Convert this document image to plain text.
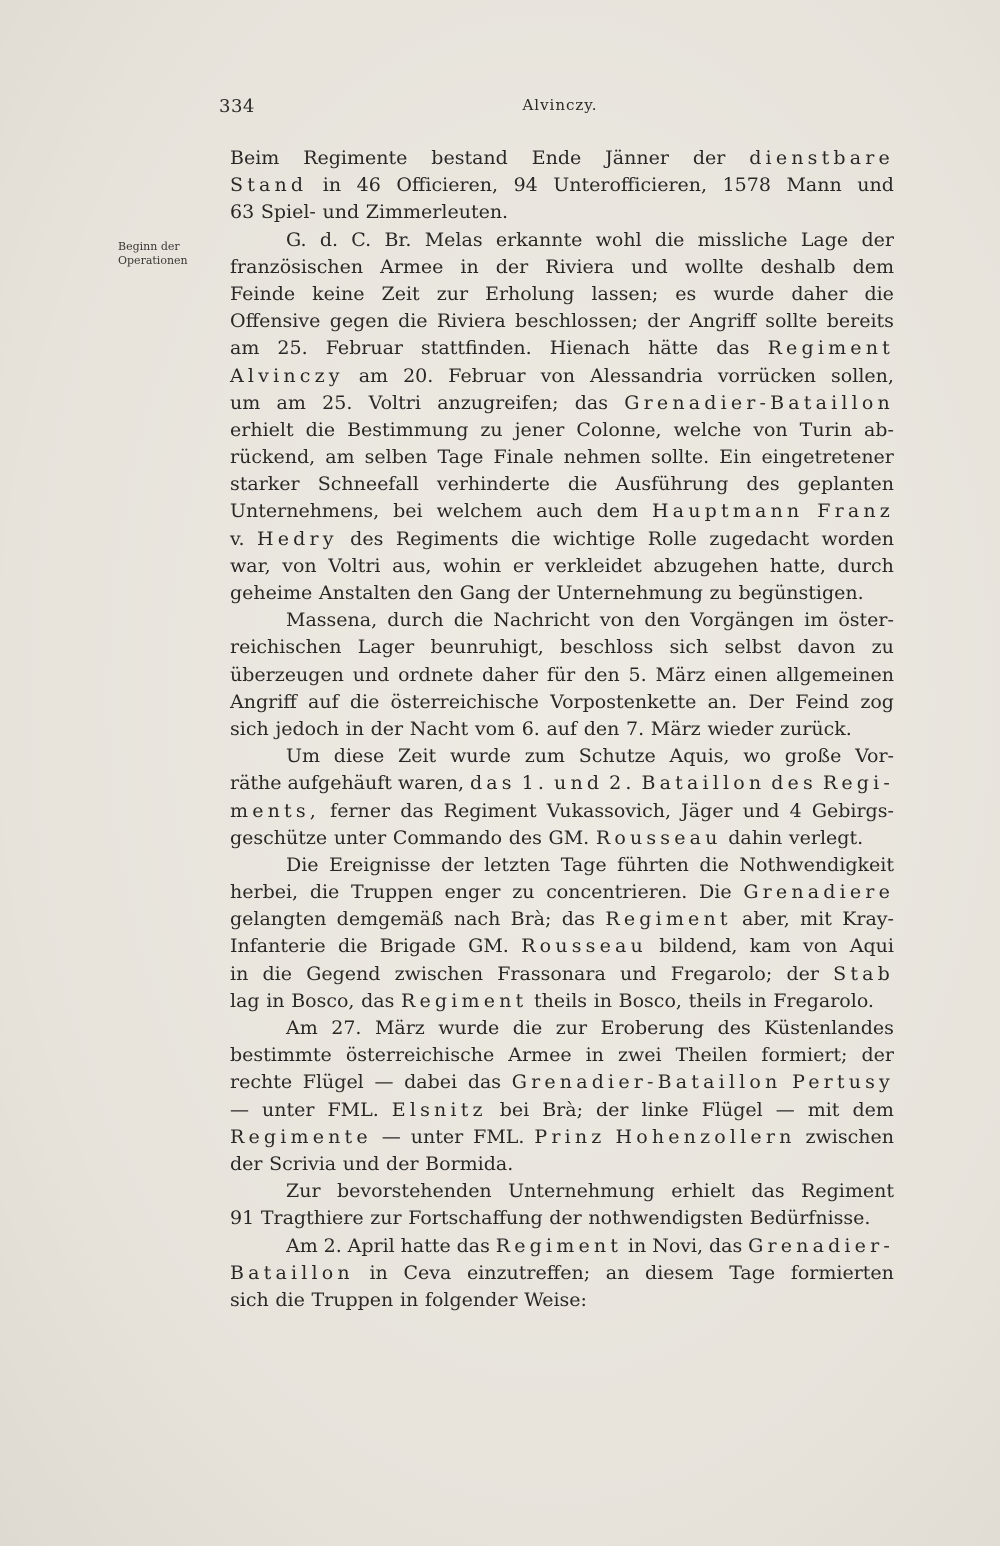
334	Alvinczy.
Beginn der
Operationen
Beim Regimente bestand Ende Jänner der dienstbare
Stand in 46 Officieren, 94 Unterofficieren, 1578 Mann und
63 Spiel- und Zimmerleuten.
G. d. C. Br. Melas erkannte wohl die missliche Lage der
französischen Armee in der Riviera und wollte deshalb dem
Feinde keine Zeit zur Erholung lassen; es wurde daher die
Offensive gegen die Riviera beschlossen; der Angriff sollte bereits
am 25. Februar stattfinden. Hienach hätte das Regiment
Alvinczy am 20. Februar von Alessandria vorrücken sollen,
um am 25. Voltri anzugreifen; das Grenadier-Bataillon
erhielt die Bestimmung zu jener Colonne, welche von Turin ab-
rückend, am selben Tage Finale nehmen sollte. Ein eingetretener
starker Schneefall verhinderte die Ausführung des geplanten
Unternehmens, bei welchem auch dem Hauptmann Franz
v. Hedry des Regiments die wichtige Rolle zugedacht worden
war, von Voltri aus, wohin er verkleidet abzugehen hatte, durch
geheime Anstalten den Gang der Unternehmung zu begünstigen.
Massena, durch die Nachricht von den Vorgängen im öster-
reichischen Lager beunruhigt, beschloss sich selbst davon zu
überzeugen und ordnete daher für den 5. März einen allgemeinen
Angriff auf die österreichische Vorpostenkette an. Der Feind zog
sich jedoch in der Nacht vom 6. auf den 7. März wieder zurück.
Um diese Zeit wurde zum Schutze Aquis, wo große Vor-
räthe aufgehäuft waren, das 1. und 2. Bataillon des Regi-
ments, ferner das Regiment Vukassovich, Jäger und 4 Gebirgs-
geschütze unter Commando des GM. Rousseau dahin verlegt.
Die Ereignisse der letzten Tage führten die Nothwendigkeit
herbei, die Truppen enger zu concentrieren. Die Grenadiere
gelangten demgemäß nach Brà; das Regiment aber, mit Kray-
Infanterie die Brigade GM. Rousseau bildend, kam von Aqui
in die Gegend zwischen Frassonara und Fregarolo; der Stab
lag in Bosco, das Regiment theils in Bosco, theils in Fregarolo.
Am 27. März wurde die zur Eroberung des Küstenlandes
bestimmte österreichische Armee in zwei Theilen formiert; der
rechte Flügel — dabei das Grenadier-Bataillon Pertusy
— unter FML. Elsnitz bei Brà; der linke Flügel — mit dem
Regimente — unter FML. Prinz Hohenzollern zwischen
der Scrivia und der Bormida.
Zur bevorstehenden Unternehmung erhielt das Regiment
91 Tragthiere zur Fortschaffung der nothwendigsten Bedürfnisse.
Am 2. April hatte das Regiment in Novi, das Grenadier-
Bataillon in Ceva einzutreffen; an diesem Tage formierten
sich die Truppen in folgender Weise:
